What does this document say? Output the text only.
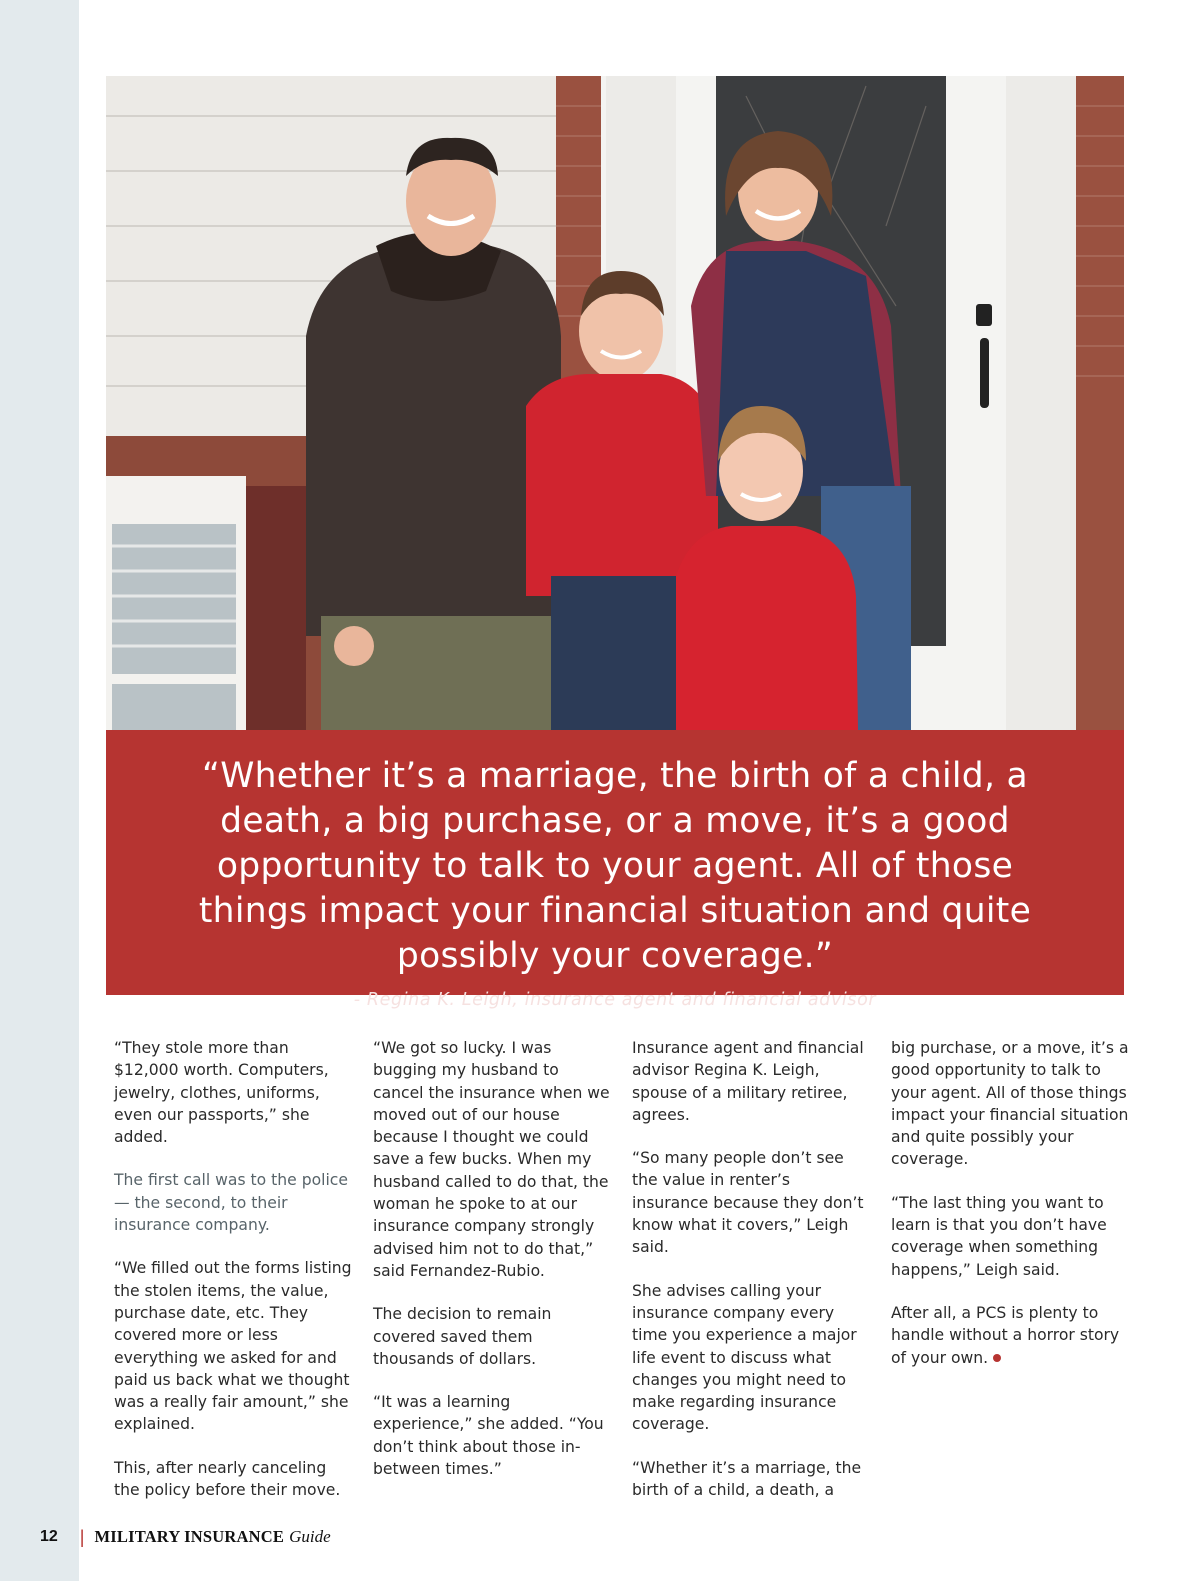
“Whether it’s a marriage, the birth of a child, a death, a big purchase, or a move, it’s a good opportunity to talk to your agent. All of those things impact your financial situation and quite possibly your coverage.”
- Regina K. Leigh, insurance agent and financial advisor

“They stole more than $12,000 worth. Computers, jewelry, clothes, uniforms, even our passports,” she added.

The first call was to the police — the second, to their insurance company.

“We filled out the forms listing the stolen items, the value, purchase date, etc. They covered more or less everything we asked for and paid us back what we thought was a really fair amount,” she explained.

This, after nearly canceling the policy before their move.

“We got so lucky. I was bugging my husband to cancel the insurance when we moved out of our house because I thought we could save a few bucks. When my husband called to do that, the woman he spoke to at our insurance company strongly advised him not to do that,” said Fernandez-Rubio.

The decision to remain covered saved them thousands of dollars.

“It was a learning experience,” she added. “You don’t think about those in-between times.”

Insurance agent and financial advisor Regina K. Leigh, spouse of a military retiree, agrees.

“So many people don’t see the value in renter’s insurance because they don’t know what it covers,” Leigh said.

She advises calling your insurance company every time you experience a major life event to discuss what changes you might need to make regarding insurance coverage.

“Whether it’s a marriage, the birth of a child, a death, a

big purchase, or a move, it’s a good opportunity to talk to your agent. All of those things impact your financial situation and quite possibly your coverage.

“The last thing you want to learn is that you don’t have coverage when something happens,” Leigh said.

After all, a PCS is plenty to handle without a horror story of your own.

12 | MILITARY INSURANCE Guide
